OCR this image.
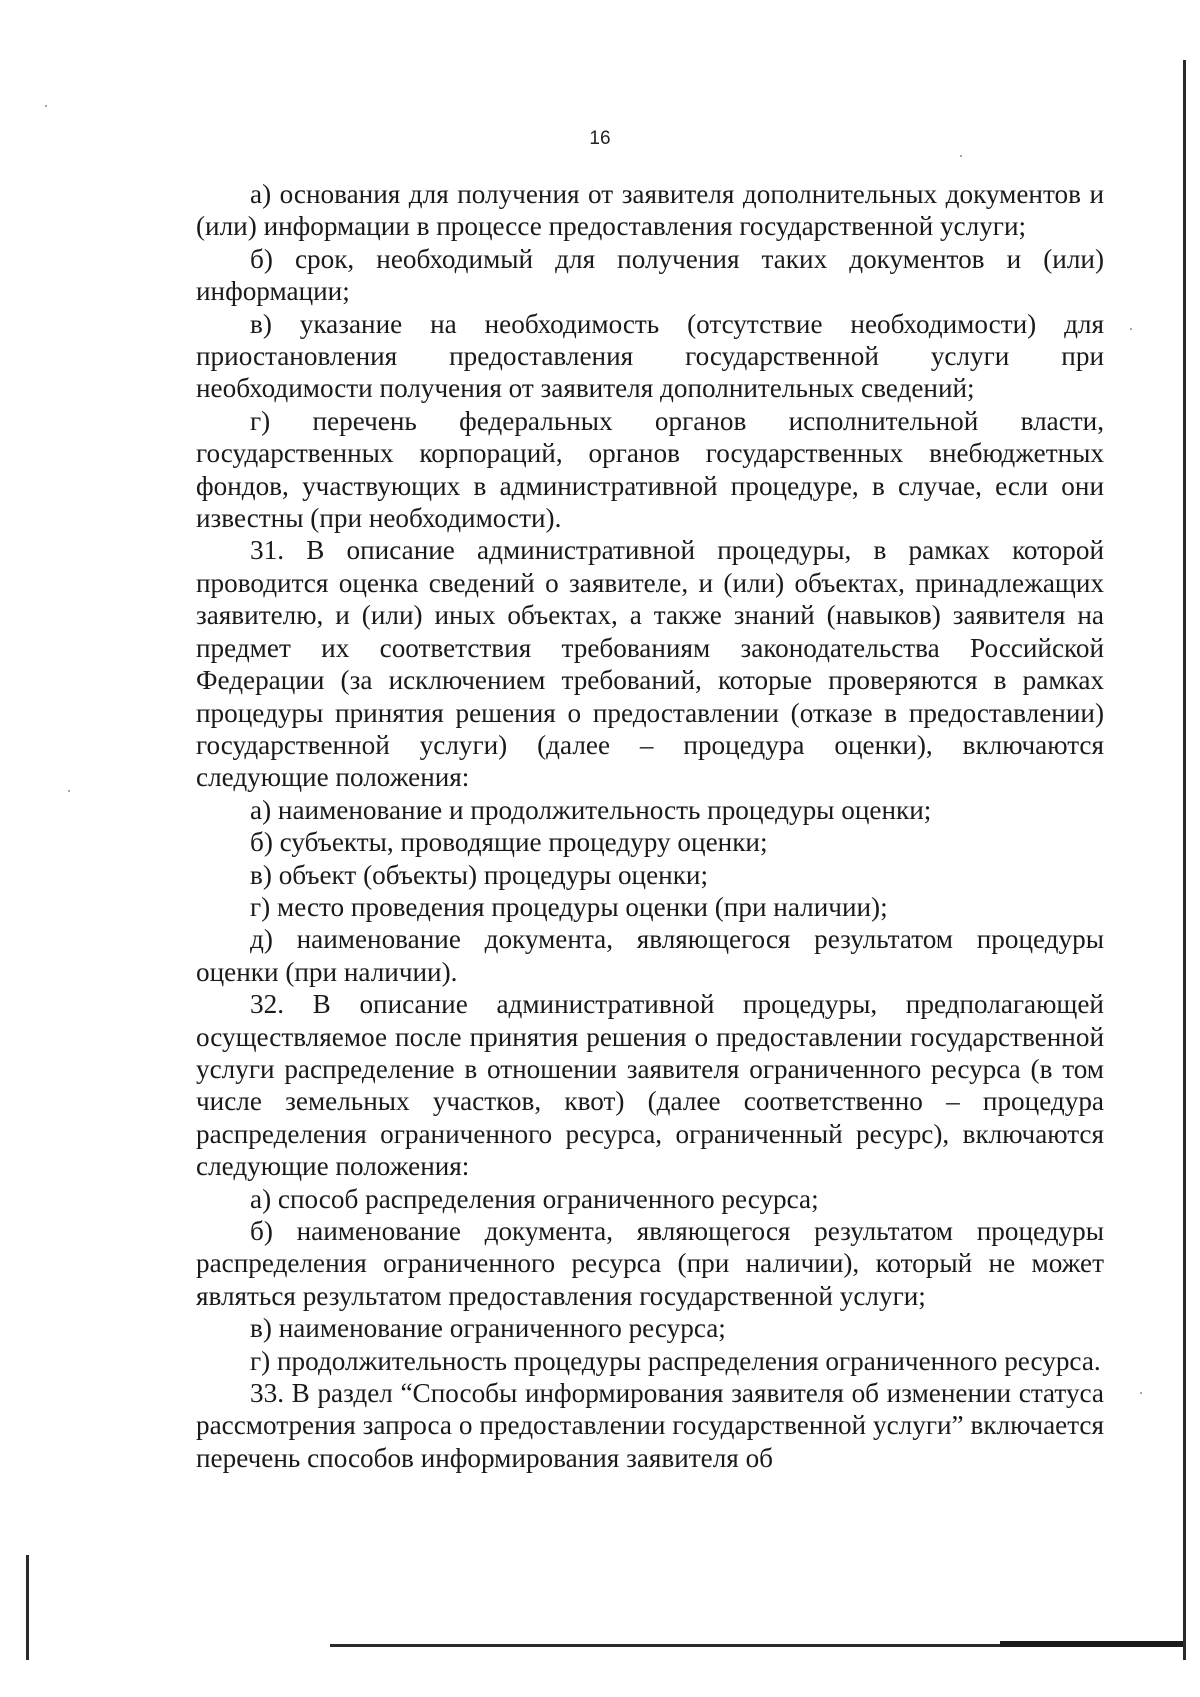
16

а) основания для получения от заявителя дополнительных документов и (или) информации в процессе предоставления государственной услуги;

б) срок, необходимый для получения таких документов и (или) информации;

в) указание на необходимость (отсутствие необходимости) для приостановления предоставления государственной услуги при необходимости получения от заявителя дополнительных сведений;

г) перечень федеральных органов исполнительной власти, государственных корпораций, органов государственных внебюджетных фондов, участвующих в административной процедуре, в случае, если они известны (при необходимости).

31. В описание административной процедуры, в рамках которой проводится оценка сведений о заявителе, и (или) объектах, принадлежащих заявителю, и (или) иных объектах, а также знаний (навыков) заявителя на предмет их соответствия требованиям законодательства Российской Федерации (за исключением требований, которые проверяются в рамках процедуры принятия решения о предоставлении (отказе в предоставлении) государственной услуги) (далее – процедура оценки), включаются следующие положения:

а) наименование и продолжительность процедуры оценки;

б) субъекты, проводящие процедуру оценки;

в) объект (объекты) процедуры оценки;

г) место проведения процедуры оценки (при наличии);

д) наименование документа, являющегося результатом процедуры оценки (при наличии).

32. В описание административной процедуры, предполагающей осуществляемое после принятия решения о предоставлении государственной услуги распределение в отношении заявителя ограниченного ресурса (в том числе земельных участков, квот) (далее соответственно – процедура распределения ограниченного ресурса, ограниченный ресурс), включаются следующие положения:

а) способ распределения ограниченного ресурса;

б) наименование документа, являющегося результатом процедуры распределения ограниченного ресурса (при наличии), который не может являться результатом предоставления государственной услуги;

в) наименование ограниченного ресурса;

г) продолжительность процедуры распределения ограниченного ресурса.

33. В раздел “Способы информирования заявителя об изменении статуса рассмотрения запроса о предоставлении государственной услуги” включается перечень способов информирования заявителя об
